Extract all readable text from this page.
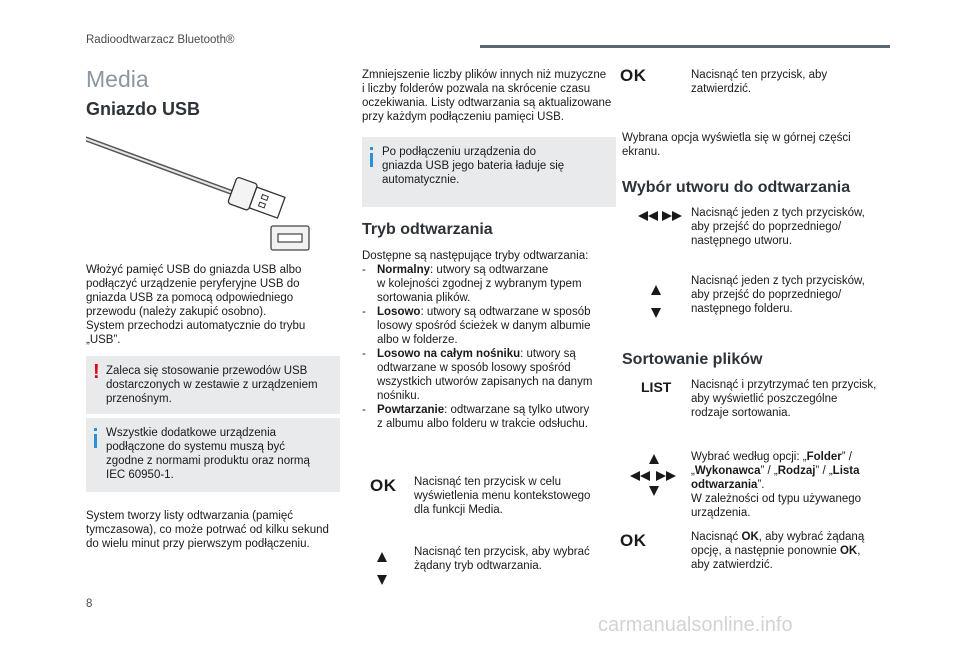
Radioodtwarzacz Bluetooth®
Media
Gniazdo USB
Włożyć pamięć USB do gniazda USB albo
podłączyć urządzenie peryferyjne USB do
gniazda USB za pomocą odpowiedniego
przewodu (należy zakupić osobno).
System przechodzi automatycznie do trybu
„USB”.
! Zaleca się stosowanie przewodów USB
dostarczonych w zestawie z urządzeniem
przenośnym.
Wszystkie dodatkowe urządzenia
podłączone do systemu muszą być
zgodne z normami produktu oraz normą
IEC 60950-1.
System tworzy listy odtwarzania (pamięć
tymczasowa), co może potrwać od kilku sekund
do wielu minut przy pierwszym podłączeniu.
Zmniejszenie liczby plików innych niż muzyczne
i liczby folderów pozwala na skrócenie czasu
oczekiwania. Listy odtwarzania są aktualizowane
przy każdym podłączeniu pamięci USB.
Po podłączeniu urządzenia do
gniazda USB jego bateria ładuje się
automatycznie.
Tryb odtwarzania
Dostępne są następujące tryby odtwarzania:
- Normalny: utwory są odtwarzane
w kolejności zgodnej z wybranym typem
sortowania plików.
- Losowo: utwory są odtwarzane w sposób
losowy spośród ścieżek w danym albumie
albo w folderze.
- Losowo na całym nośniku: utwory są
odtwarzane w sposób losowy spośród
wszystkich utworów zapisanych na danym
nośniku.
- Powtarzanie: odtwarzane są tylko utwory
z albumu albo folderu w trakcie odsłuchu.
OK Nacisnąć ten przycisk w celu
wyświetlenia menu kontekstowego
dla funkcji Media.
Nacisnąć ten przycisk, aby wybrać
żądany tryb odtwarzania.
OK	Nacisnąć ten przycisk, aby
zatwierdzić.
Wybrana opcja wyświetla się w górnej części
ekranu.
Wybór utworu do odtwarzania
Nacisnąć jeden z tych przycisków,
aby przejść do poprzedniego/
następnego utworu.
Nacisnąć jeden z tych przycisków,
aby przejść do poprzedniego/
następnego folderu.
Sortowanie plików
LIST Nacisnąć i przytrzymać ten przycisk,
aby wyświetlić poszczególne
rodzaje sortowania.
Wybrać według opcji: „Folder” /
„Wykonawca” / „Rodzaj” / „Lista
odtwarzania”.
W zależności od typu używanego
urządzenia.
OK	Nacisnąć OK, aby wybrać żądaną
opcję, a następnie ponownie OK,
aby zatwierdzić.
8
carmanualsonline.info
